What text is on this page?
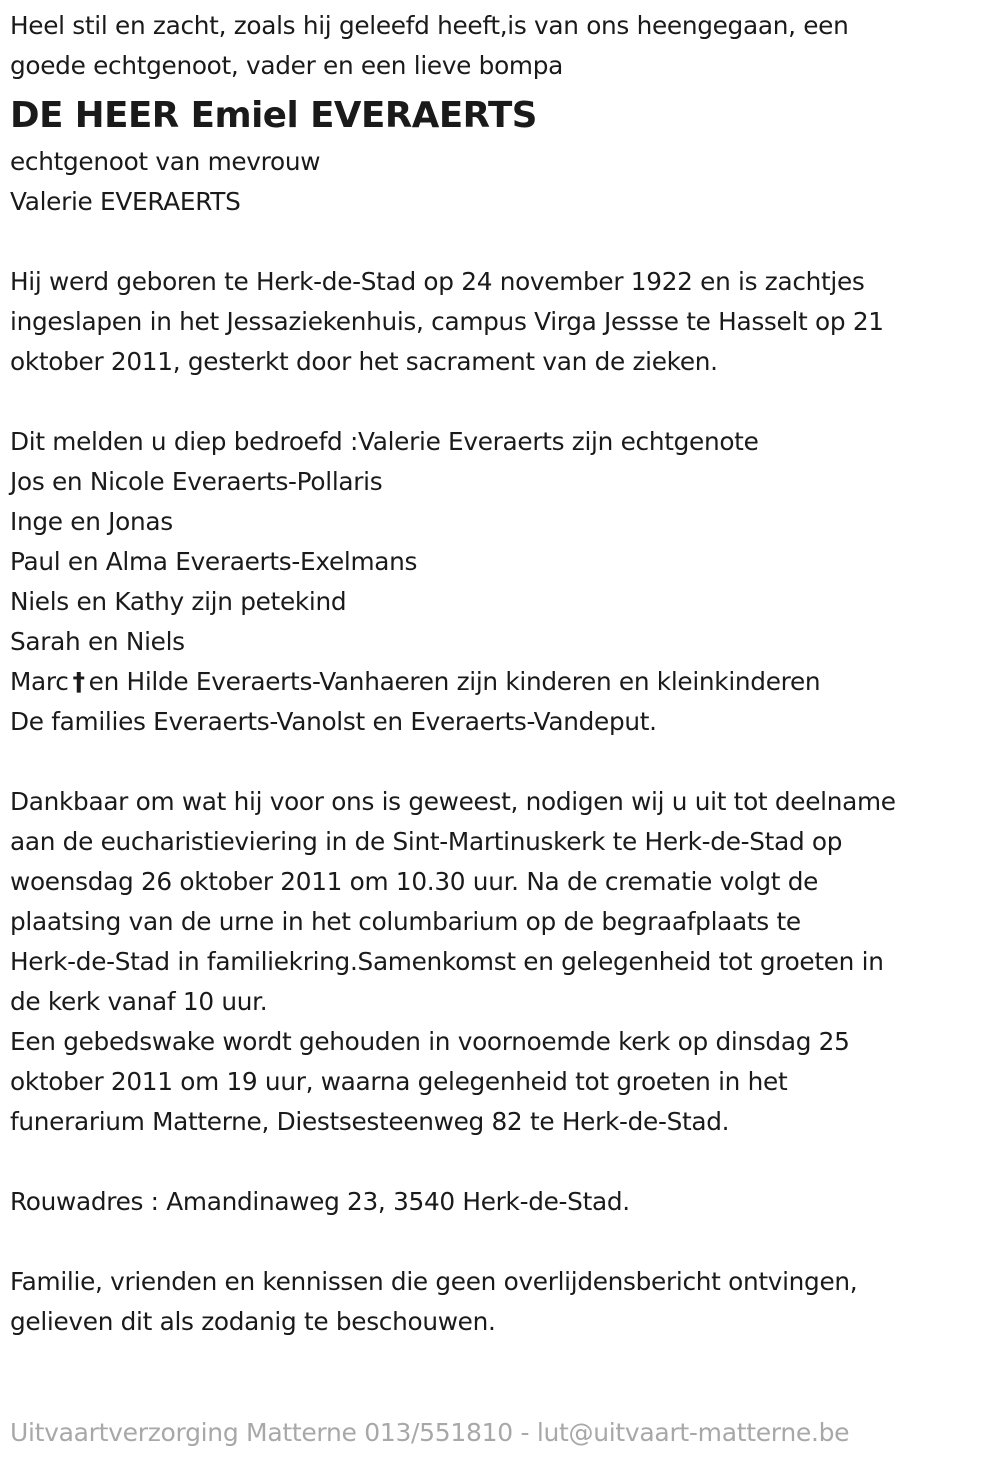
Heel stil en zacht, zoals hij geleefd heeft,is van ons heengegaan, een
goede echtgenoot, vader en een lieve bompa
DE HEER Emiel EVERAERTS
echtgenoot van mevrouw
Valerie EVERAERTS
Hij werd geboren te Herk-de-Stad op 24 november 1922 en is zachtjes
ingeslapen in het Jessaziekenhuis, campus Virga Jessse te Hasselt op 21
oktober 2011, gesterkt door het sacrament van de zieken.
Dit melden u diep bedroefd :Valerie Everaerts zijn echtgenote
Jos en Nicole Everaerts-Pollaris
Inge en Jonas
Paul en Alma Everaerts-Exelmans
Niels en Kathy zijn petekind
Sarah en Niels
Marc † en Hilde Everaerts-Vanhaeren zijn kinderen en kleinkinderen
De families Everaerts-Vanolst en Everaerts-Vandeput.
Dankbaar om wat hij voor ons is geweest, nodigen wij u uit tot deelname
aan de eucharistieviering in de Sint-Martinuskerk te Herk-de-Stad op
woensdag 26 oktober 2011 om 10.30 uur. Na de crematie volgt de
plaatsing van de urne in het columbarium op de begraafplaats te
Herk-de-Stad in familiekring.Samenkomst en gelegenheid tot groeten in
de kerk vanaf 10 uur.
Een gebedswake wordt gehouden in voornoemde kerk op dinsdag 25
oktober 2011 om 19 uur, waarna gelegenheid tot groeten in het
funerarium Matterne, Diestsesteenweg 82 te Herk-de-Stad.
Rouwadres : Amandinaweg 23, 3540 Herk-de-Stad.
Familie, vrienden en kennissen die geen overlijdensbericht ontvingen,
gelieven dit als zodanig te beschouwen.
Uitvaartverzorging Matterne 013/551810 - lut@uitvaart-matterne.be
